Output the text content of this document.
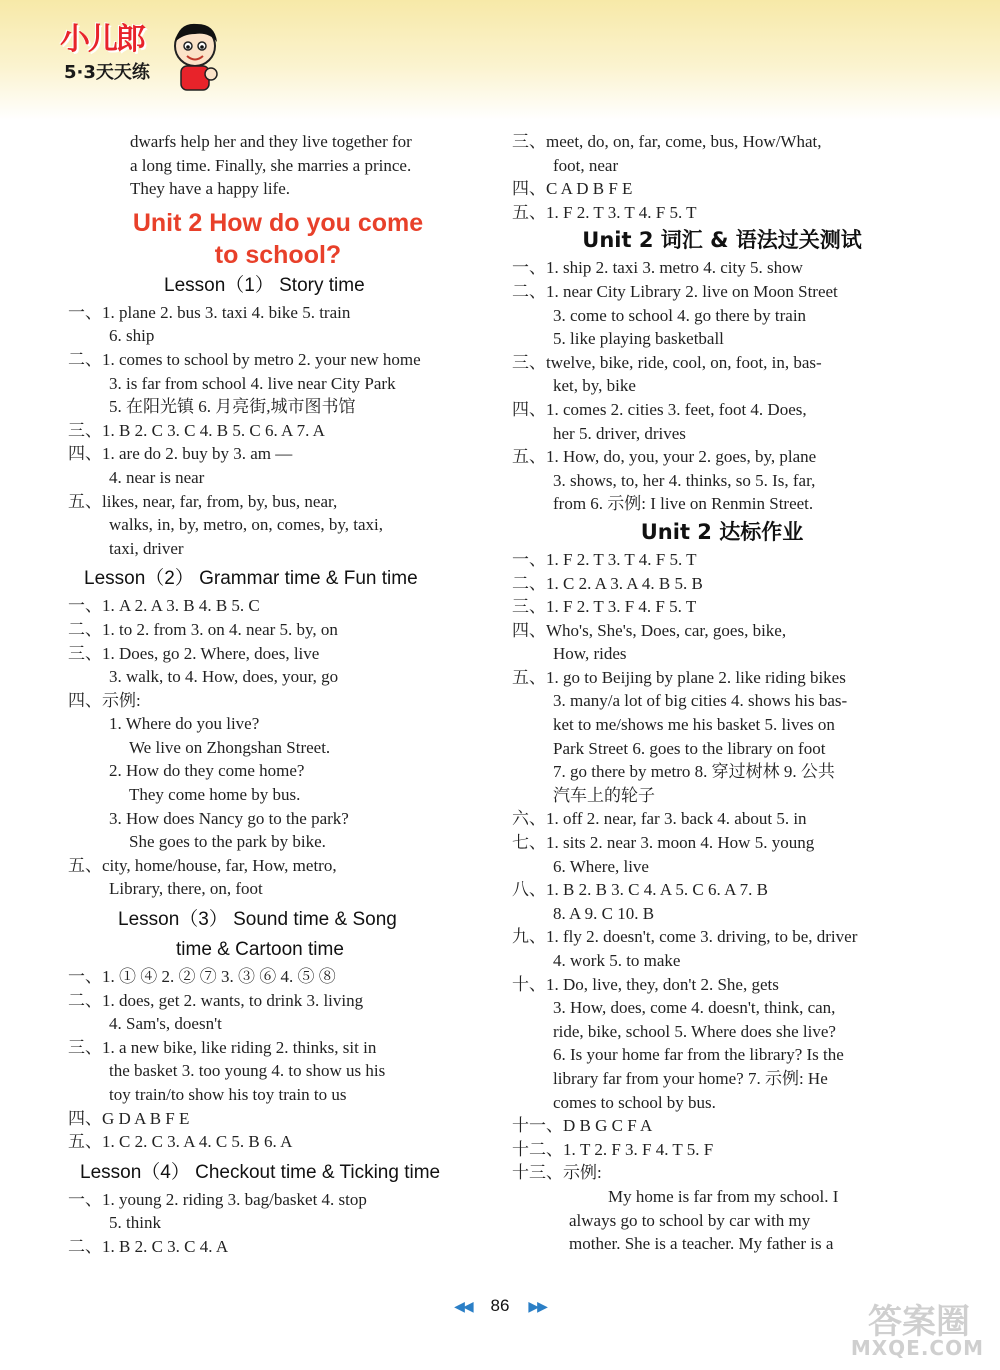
小儿郎
5·3天天练
dwarfs help her and they live together for
a long time. Finally, she marries a prince.
They have a happy life.
Unit 2 How do you come
to school?
Lesson（1） Story time
一、1. plane 2. bus 3. taxi 4. bike 5. train
6. ship
二、1. comes to school by metro 2. your new home
3. is far from school 4. live near City Park
5. 在阳光镇 6. 月亮街,城市图书馆
三、1. B 2. C 3. C 4. B 5. C 6. A 7. A
四、1. are do 2. buy by 3. am —
4. near is near
五、likes, near, far, from, by, bus, near,
walks, in, by, metro, on, comes, by, taxi,
taxi, driver
Lesson（2） Grammar time & Fun time
一、1. A 2. A 3. B 4. B 5. C
二、1. to 2. from 3. on 4. near 5. by, on
三、1. Does, go 2. Where, does, live
3. walk, to 4. How, does, your, go
四、示例:
1. Where do you live?
We live on Zhongshan Street.
2. How do they come home?
They come home by bus.
3. How does Nancy go to the park?
She goes to the park by bike.
五、city, home/house, far, How, metro,
Library, there, on, foot
Lesson（3） Sound time & Song
time & Cartoon time
一、1. ① ④ 2. ② ⑦ 3. ③ ⑥ 4. ⑤ ⑧
二、1. does, get 2. wants, to drink 3. living
4. Sam's, doesn't
三、1. a new bike, like riding 2. thinks, sit in
the basket 3. too young 4. to show us his
toy train/to show his toy train to us
四、G D A B F E
五、1. C 2. C 3. A 4. C 5. B 6. A
Lesson（4） Checkout time & Ticking time
一、1. young 2. riding 3. bag/basket 4. stop
5. think
二、1. B 2. C 3. C 4. A
三、meet, do, on, far, come, bus, How/What,
foot, near
四、C A D B F E
五、1. F 2. T 3. T 4. F 5. T
Unit 2 词汇 & 语法过关测试
一、1. ship 2. taxi 3. metro 4. city 5. show
二、1. near City Library 2. live on Moon Street
3. come to school 4. go there by train
5. like playing basketball
三、twelve, bike, ride, cool, on, foot, in, bas-
ket, by, bike
四、1. comes 2. cities 3. feet, foot 4. Does,
her 5. driver, drives
五、1. How, do, you, your 2. goes, by, plane
3. shows, to, her 4. thinks, so 5. Is, far,
from 6. 示例: I live on Renmin Street.
Unit 2 达标作业
一、1. F 2. T 3. T 4. F 5. T
二、1. C 2. A 3. A 4. B 5. B
三、1. F 2. T 3. F 4. F 5. T
四、Who's, She's, Does, car, goes, bike,
How, rides
五、1. go to Beijing by plane 2. like riding bikes
3. many/a lot of big cities 4. shows his bas-
ket to me/shows me his basket 5. lives on
Park Street 6. goes to the library on foot
7. go there by metro 8. 穿过树林 9. 公共
汽车上的轮子
六、1. off 2. near, far 3. back 4. about 5. in
七、1. sits 2. near 3. moon 4. How 5. young
6. Where, live
八、1. B 2. B 3. C 4. A 5. C 6. A 7. B
8. A 9. C 10. B
九、1. fly 2. doesn't, come 3. driving, to be, driver
4. work 5. to make
十、1. Do, live, they, don't 2. She, gets
3. How, does, come 4. doesn't, think, can,
ride, bike, school 5. Where does she live?
6. Is your home far from the library? Is the
library far from your home? 7. 示例: He
comes to school by bus.
十一、D B G C F A
十二、1. T 2. F 3. F 4. T 5. F
十三、示例:
My home is far from my school. I
always go to school by car with my
mother. She is a teacher. My father is a
◀◀ 86 ▶▶	答案圈
MXQE.COM
